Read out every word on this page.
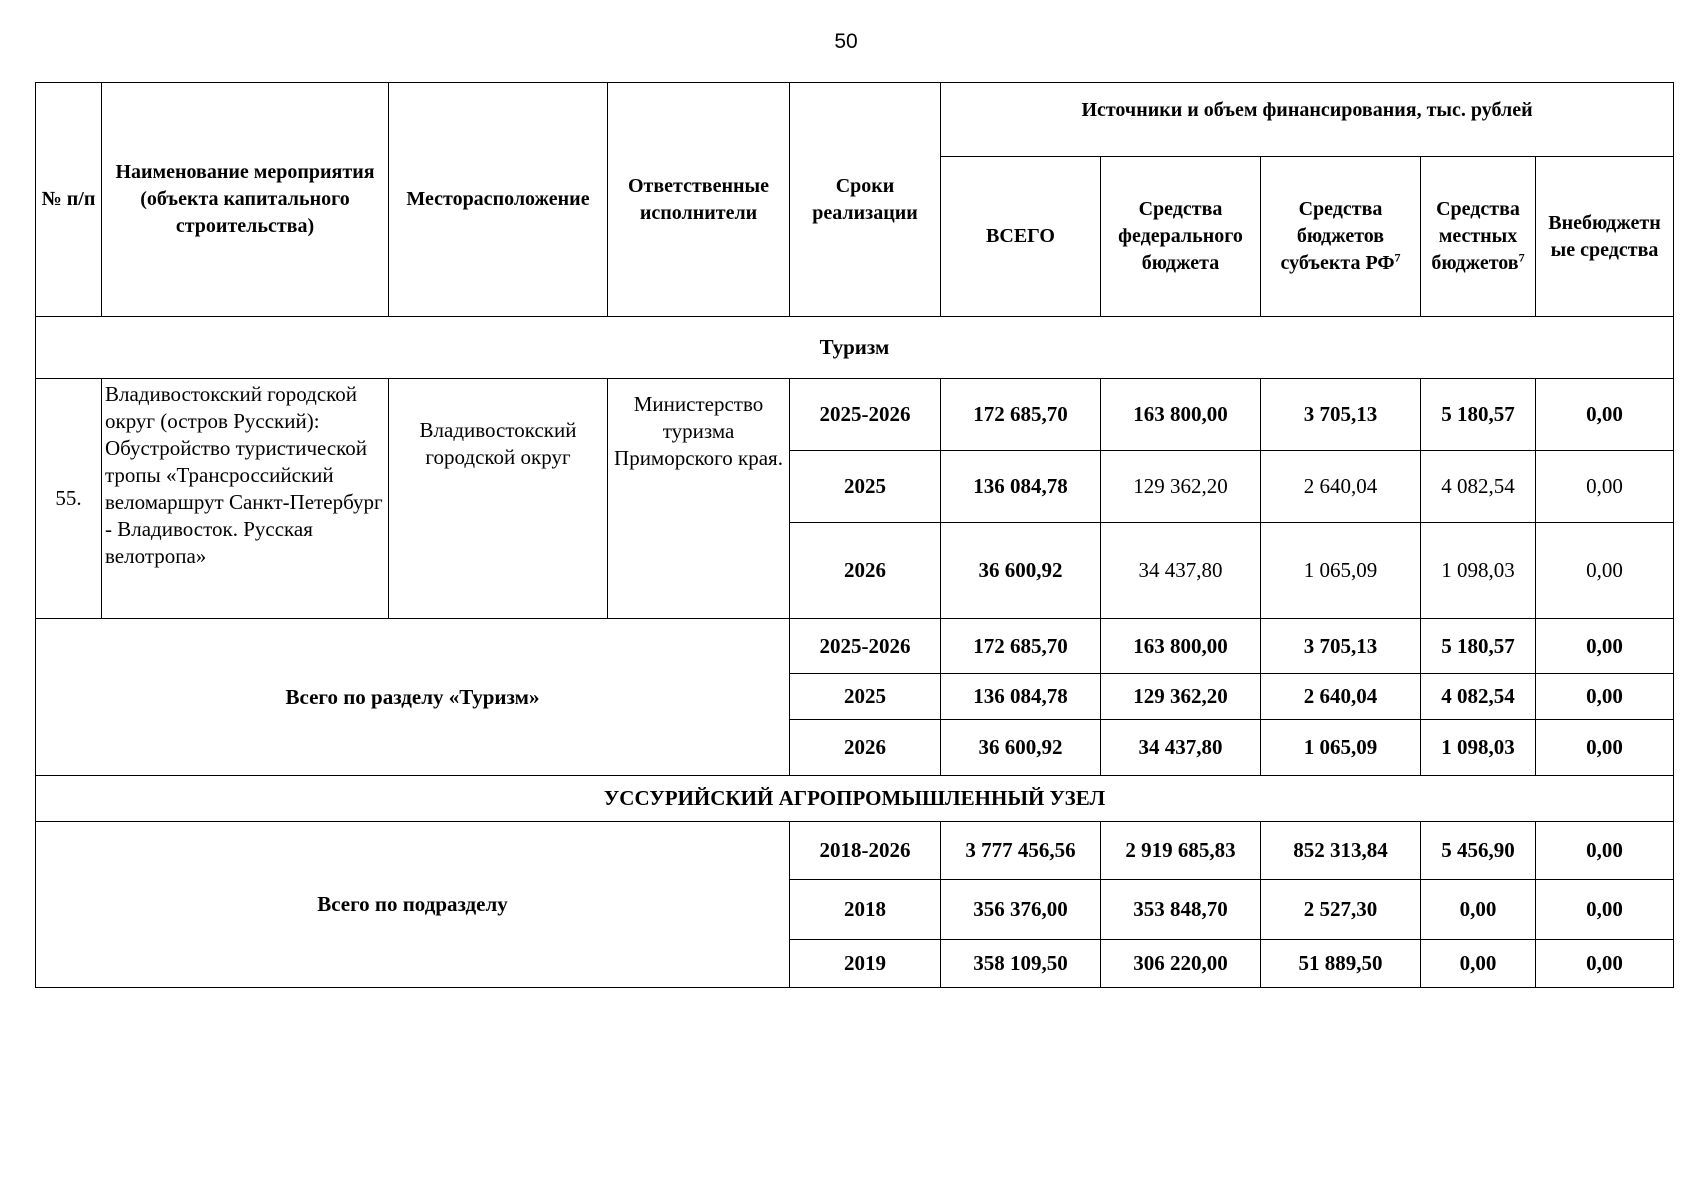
50
№ п/п	Наименование мероприятия (объекта капитального строительства)	Месторасположение	Ответственные исполнители	Сроки реализации	Источники и объем финансирования, тыс. рублей				
					ВСЕГО	Средства федерального бюджета	Средства бюджетов субъекта $РФ^7$	Средства местных бюджетов$^7$	Внебюджетн ые средства
Туризм									
55.	Владивостокский городской округ (остров Русский): Обустройство туристической тропы «Трансроссийский веломаршрут Санкт-Петербург - Владивосток. Русская велотропа»	Владивостокский городской округ	Министерство туризма Приморского края.	2025-2026	172 685,70	163 800,00	3 705,13	5 180,57	0,00
				2025	136 084,78	129 362,20	2 640,04	4 082,54	0,00
				2026	36 600,92	34 437,80	1 065,09	1 098,03	0,00
Всего по разделу «Туризм»				2025-2026	172 685,70	163 800,00	3 705,13	5 180,57	0,00
				2025	136 084,78	129 362,20	2 640,04	4 082,54	0,00
				2026	36 600,92	34 437,80	1 065,09	1 098,03	0,00
УССУРИЙСКИЙ АГРОПРОМЫШЛЕННЫЙ УЗЕЛ									
Всего по подразделу				2018-2026	3 777 456,56	2 919 685,83	852 313,84	5 456,90	0,00
				2018	356 376,00	353 848,70	2 527,30	0,00	0,00
				2019	358 109,50	306 220,00	51 889,50	0,00	0,00
